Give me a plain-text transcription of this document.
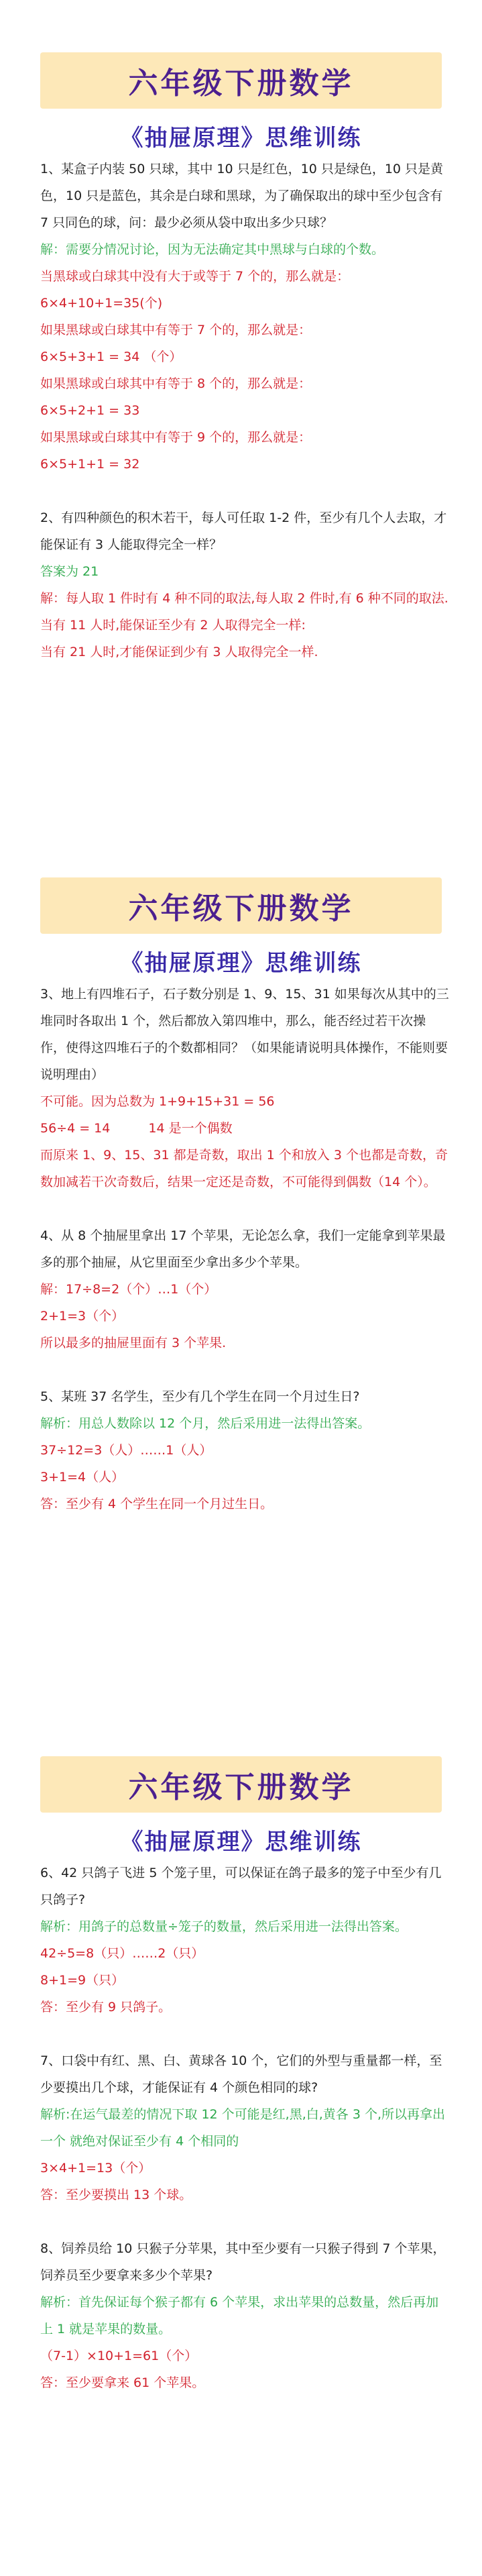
六年级下册数学
《抽屉原理》思维训练

1、某盒子内装 50 只球，其中 10 只是红色，10 只是绿色，10 只是黄色，10 只是蓝色，其余是白球和黑球，为了确保取出的球中至少包含有 7 只同色的球，问：最少必须从袋中取出多少只球？

解：需要分情况讨论，因为无法确定其中黑球与白球的个数。

当黑球或白球其中没有大于或等于 7 个的，那么就是：

6×4+10+1=35(个)

如果黑球或白球其中有等于 7 个的，那么就是：

6×5+3+1 = 34 （个）

如果黑球或白球其中有等于 8 个的，那么就是：

6×5+2+1 = 33

如果黑球或白球其中有等于 9 个的，那么就是：

6×5+1+1 = 32

2、有四种颜色的积木若干，每人可任取 1-2 件，至少有几个人去取，才能保证有 3 人能取得完全一样？

答案为 21

解：每人取 1 件时有 4 种不同的取法,每人取 2 件时,有 6 种不同的取法.

当有 11 人时,能保证至少有 2 人取得完全一样:

当有 21 人时,才能保证到少有 3 人取得完全一样.

六年级下册数学
《抽屉原理》思维训练

3、地上有四堆石子，石子数分别是 1、9、15、31 如果每次从其中的三堆同时各取出 1 个，然后都放入第四堆中，那么，能否经过若干次操作，使得这四堆石子的个数都相同？（如果能请说明具体操作，不能则要说明理由）

不可能。因为总数为 1+9+15+31 = 56

56÷4 = 14　　　14 是一个偶数

而原来 1、9、15、31 都是奇数，取出 1 个和放入 3 个也都是奇数，奇数加减若干次奇数后，结果一定还是奇数，不可能得到偶数（14 个）。

4、从 8 个抽屉里拿出 17 个苹果，无论怎么拿，我们一定能拿到苹果最多的那个抽屉，从它里面至少拿出多少个苹果。

解：17÷8=2（个）…1（个）

2+1=3（个）

所以最多的抽屉里面有 3 个苹果.

5、某班 37 名学生，至少有几个学生在同一个月过生日?

解析：用总人数除以 12 个月，然后采用进一法得出答案。

37÷12=3（人）……1（人）

3+1=4（人）

答：至少有 4 个学生在同一个月过生日。

六年级下册数学
《抽屉原理》思维训练

6、42 只鸽子飞进 5 个笼子里，可以保证在鸽子最多的笼子中至少有几只鸽子?

解析：用鸽子的总数量÷笼子的数量，然后采用进一法得出答案。

42÷5=8（只）……2（只）

8+1=9（只）

答：至少有 9 只鸽子。

7、口袋中有红、黑、白、黄球各 10 个，它们的外型与重量都一样，至少要摸出几个球，才能保证有 4 个颜色相同的球?

解析:在运气最差的情况下取 12 个可能是红,黑,白,黄各 3 个,所以再拿出一个 就绝对保证至少有 4 个相同的

3×4+1=13（个）

答：至少要摸出 13 个球。

8、饲养员给 10 只猴子分苹果，其中至少要有一只猴子得到 7 个苹果，饲养员至少要拿来多少个苹果?

解析：首先保证每个猴子都有 6 个苹果，求出苹果的总数量，然后再加上 1 就是苹果的数量。

（7-1）×10+1=61（个）

答：至少要拿来 61 个苹果。
